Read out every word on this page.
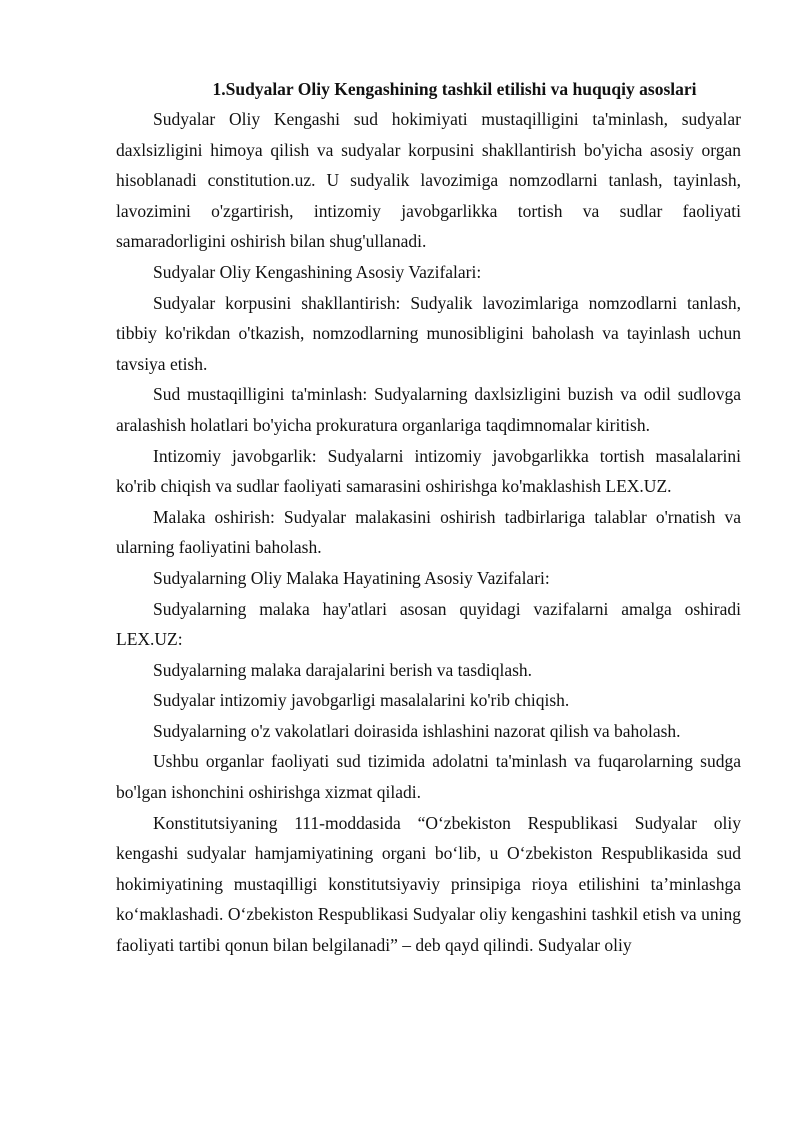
1.Sudyalar Oliy Kengashining tashkil etilishi va huquqiy asoslari

Sudyalar Oliy Kengashi sud hokimiyati mustaqilligini ta'minlash, sudyalar daxlsizligini himoya qilish va sudyalar korpusini shakllantirish bo'yicha asosiy organ hisoblanadi constitution.uz. U sudyalik lavozimiga nomzodlarni tanlash, tayinlash, lavozimini o'zgartirish, intizomiy javobgarlikka tortish va sudlar faoliyati samaradorligini oshirish bilan shug'ullanadi.

Sudyalar Oliy Kengashining Asosiy Vazifalari:

Sudyalar korpusini shakllantirish: Sudyalik lavozimlariga nomzodlarni tanlash, tibbiy ko'rikdan o'tkazish, nomzodlarning munosibligini baholash va tayinlash uchun tavsiya etish.

Sud mustaqilligini ta'minlash: Sudyalarning daxlsizligini buzish va odil sudlovga aralashish holatlari bo'yicha prokuratura organlariga taqdimnomalar kiritish.

Intizomiy javobgarlik: Sudyalarni intizomiy javobgarlikka tortish masalalarini ko'rib chiqish va sudlar faoliyati samarasini oshirishga ko'maklashish LEX.UZ.

Malaka oshirish: Sudyalar malakasini oshirish tadbirlariga talablar o'rnatish va ularning faoliyatini baholash.

Sudyalarning Oliy Malaka Hayatining Asosiy Vazifalari:

Sudyalarning malaka hay'atlari asosan quyidagi vazifalarni amalga oshiradi LEX.UZ:

Sudyalarning malaka darajalarini berish va tasdiqlash.

Sudyalar intizomiy javobgarligi masalalarini ko'rib chiqish.

Sudyalarning o'z vakolatlari doirasida ishlashini nazorat qilish va baholash.

Ushbu organlar faoliyati sud tizimida adolatni ta'minlash va fuqarolarning sudga bo'lgan ishonchini oshirishga xizmat qiladi.

Konstitutsiyaning 111-moddasida “O‘zbekiston Respublikasi Sudyalar oliy kengashi sudyalar hamjamiyatining organi bo‘lib, u O‘zbekiston Respublikasida sud hokimiyatining mustaqilligi konstitutsiyaviy prinsipiga rioya etilishini ta’minlashga ko‘maklashadi. O‘zbekiston Respublikasi Sudyalar oliy kengashini tashkil etish va uning faoliyati tartibi qonun bilan belgilanadi” – deb qayd qilindi. Sudyalar oliy
